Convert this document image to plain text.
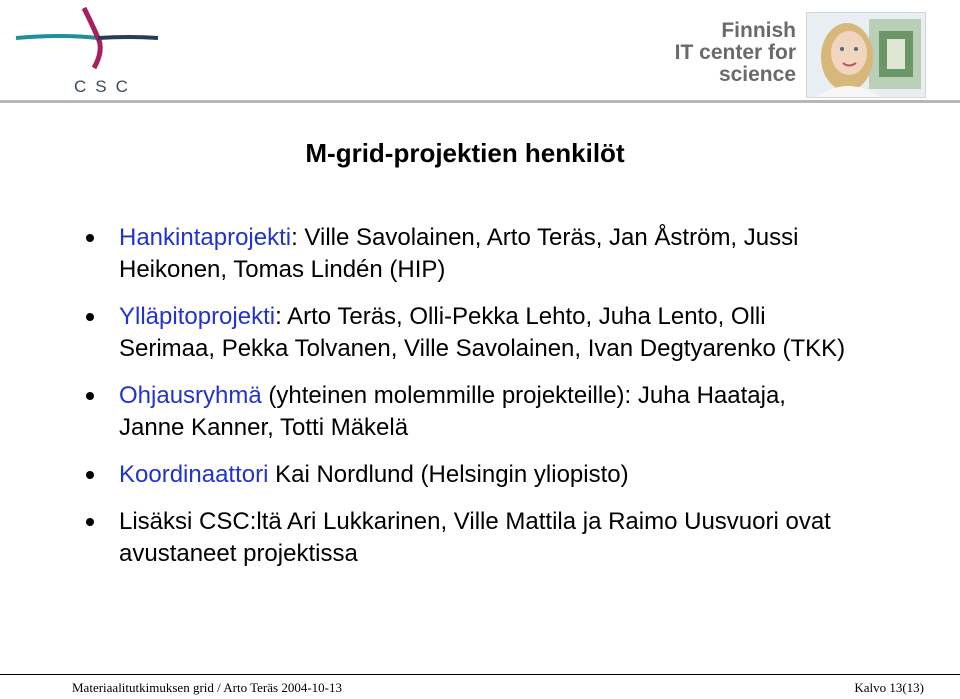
CSC
Finnish
IT center for
science
M-grid-projektien henkilöt
Hankintaprojekti: Ville Savolainen, Arto Teräs, Jan Åström, Jussi Heikonen, Tomas Lindén (HIP)
Ylläpitoprojekti: Arto Teräs, Olli-Pekka Lehto, Juha Lento, Olli Serimaa, Pekka Tolvanen, Ville Savolainen, Ivan Degtyarenko (TKK)
Ohjausryhmä (yhteinen molemmille projekteille): Juha Haataja, Janne Kanner, Totti Mäkelä
Koordinaattori Kai Nordlund (Helsingin yliopisto)
Lisäksi CSC:ltä Ari Lukkarinen, Ville Mattila ja Raimo Uusvuori ovat avustaneet projektissa
Materiaalitutkimuksen grid / Arto Teräs 2004-10-13	Kalvo 13(13)
